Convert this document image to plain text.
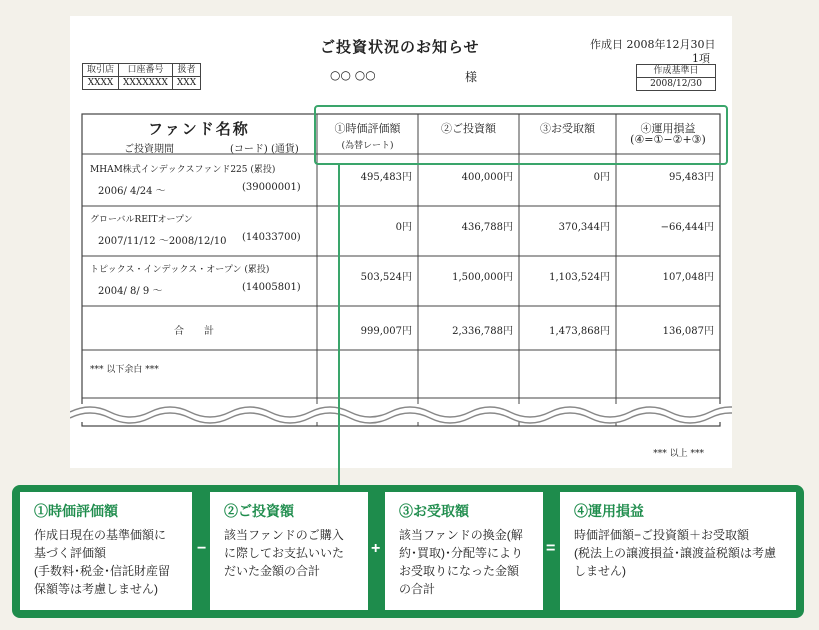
ご投資状況のお知らせ	作成日 2008年12月30日
1項
○○ ○○	様
取引店	口座番号	扱者
XXXX	XXXXXXX	XXX
作成基準日
2008/12/30
ファンド名称
ご投資期間	(コード) (通貨)
①時価評価額
(為替レート)
②ご投資額	③お受取額	④運用損益
(④=①−②+③)
MHAM株式インデックスファンド225 (累投)
2006/ 4/24 〜	(39000001)
495,483円	400,000円	0円	95,483円
グローバルREITオープン
2007/11/12 〜2008/12/10 (14033700)
0円	436,788円	370,344円	−66,444円
トピックス・インデックス・オープン (累投)
2004/ 8/ 9 〜	(14005801)
503,524円	1,500,000円	1,103,524円	107,048円
合　　計	999,007円	2,336,788円	1,473,868円	136,087円
*** 以下余白 ***
*** 以上 ***
①時価評価額

作成日現在の基準価額に
基づく評価額
(手数料･税金･信託財産留
保額等は考慮しません)

−
②ご投資額

該当ファンドのご購入
に際してお支払いいた
だいた金額の合計

+
③お受取額

該当ファンドの換金(解
約･買取)･分配等により
お受取りになった金額
の合計

=
④運用損益

時価評価額−ご投資額＋お受取額
(税法上の譲渡損益･譲渡益税額は考慮
しません)
